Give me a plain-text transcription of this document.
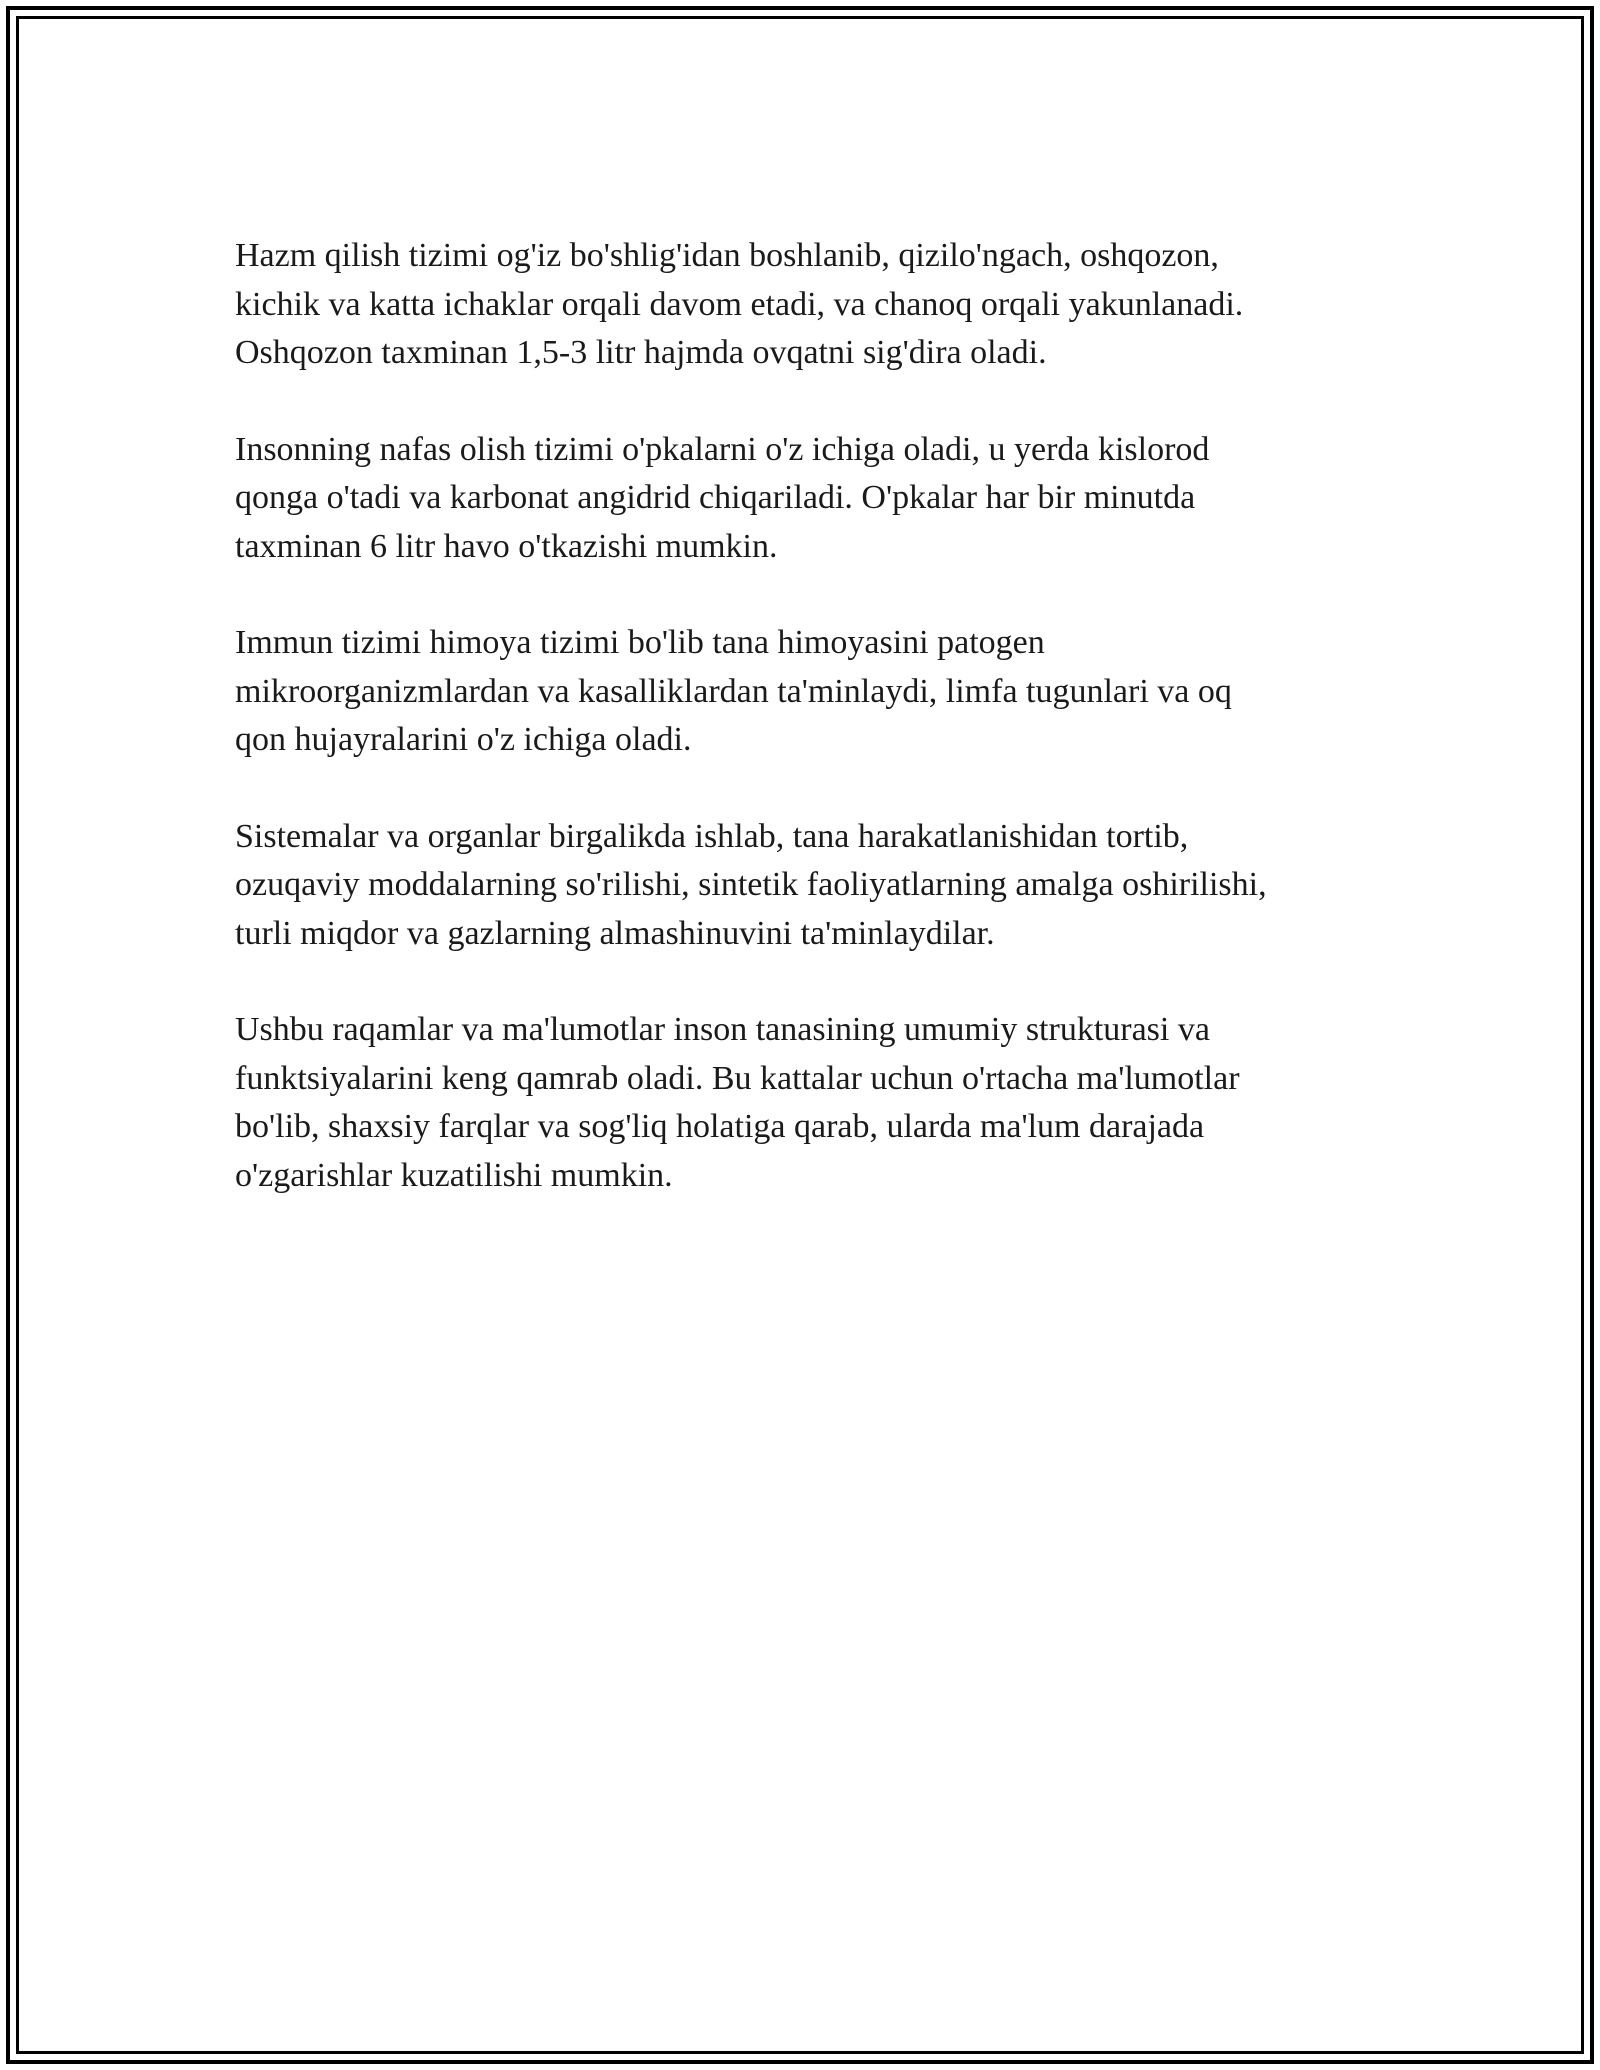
Hazm qilish tizimi og'iz bo'shlig'idan boshlanib, qizilo'ngach, oshqozon,
kichik va katta ichaklar orqali davom etadi, va chanoq orqali yakunlanadi.
Oshqozon taxminan 1,5-3 litr hajmda ovqatni sig'dira oladi.

Insonning nafas olish tizimi o'pkalarni o'z ichiga oladi, u yerda kislorod
qonga o'tadi va karbonat angidrid chiqariladi. O'pkalar har bir minutda
taxminan 6 litr havo o'tkazishi mumkin.

Immun tizimi himoya tizimi bo'lib tana himoyasini patogen
mikroorganizmlardan va kasalliklardan ta'minlaydi, limfa tugunlari va oq
qon hujayralarini o'z ichiga oladi.

Sistemalar va organlar birgalikda ishlab, tana harakatlanishidan tortib,
ozuqaviy moddalarning so'rilishi, sintetik faoliyatlarning amalga oshirilishi,
turli miqdor va gazlarning almashinuvini ta'minlaydilar.

Ushbu raqamlar va ma'lumotlar inson tanasining umumiy strukturasi va
funktsiyalarini keng qamrab oladi. Bu kattalar uchun o'rtacha ma'lumotlar
bo'lib, shaxsiy farqlar va sog'liq holatiga qarab, ularda ma'lum darajada
o'zgarishlar kuzatilishi mumkin.
